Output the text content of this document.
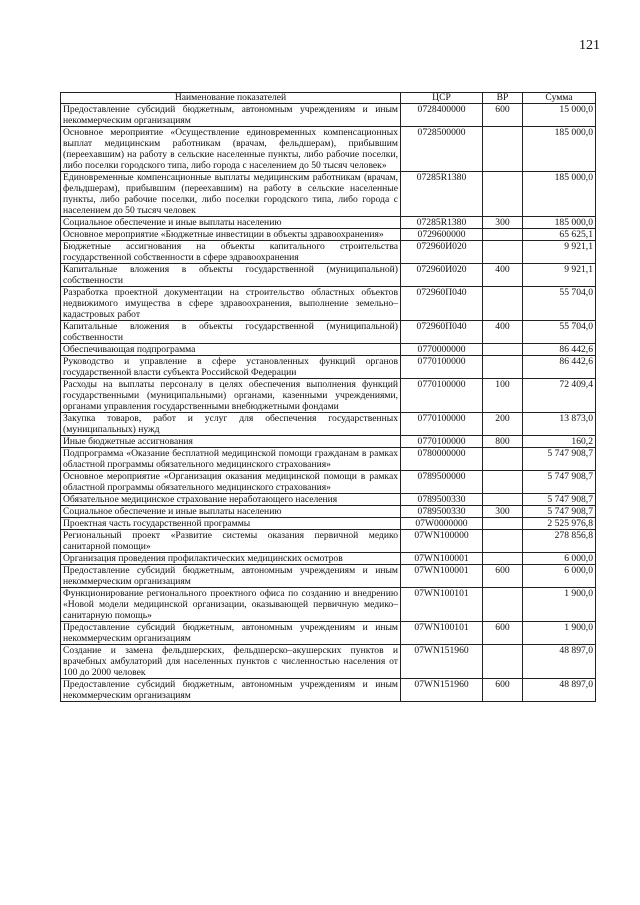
121
Наименование показателей	ЦСР	ВР	Сумма
Предоставление субсидий бюджетным, автономным учреждениям и иным некоммерческим организациям	0728400000	600	15 000,0
Основное мероприятие «Осуществление единовременных компенсационных выплат медицинским работникам (врачам, фельдшерам), прибывшим (переехавшим) на работу в сельские населенные пункты, либо рабочие поселки, либо поселки городского типа, либо города с населением до 50 тысяч человек»	0728500000		185 000,0
Единовременные компенсационные выплаты медицинским работникам (врачам, фельдшерам), прибывшим (переехавшим) на работу в сельские населенные пункты, либо рабочие поселки, либо поселки городского типа, либо города с населением до 50 тысяч человек	07285R1380		185 000,0
Социальное обеспечение и иные выплаты населению	07285R1380	300	185 000,0
Основное мероприятие «Бюджетные инвестиции в объекты здравоохранения»	0729600000		65 625,1
Бюджетные ассигнования на объекты капитального строительства государственной собственности в сфере здравоохранения	072960И020		9 921,1
Капитальные вложения в объекты государственной (муниципальной) собственности	072960И020	400	9 921,1
Разработка проектной документации на строительство областных объектов недвижимого имущества в сфере здравоохранения, выполнение земельно–кадастровых работ	072960П040		55 704,0
Капитальные вложения в объекты государственной (муниципальной) собственности	072960П040	400	55 704,0
Обеспечивающая подпрограмма	0770000000		86 442,6
Руководство и управление в сфере установленных функций органов государственной власти субъекта Российской Федерации	0770100000		86 442,6
Расходы на выплаты персоналу в целях обеспечения выполнения функций государственными (муниципальными) органами, казенными учреждениями, органами управления государственными внебюджетными фондами	0770100000	100	72 409,4
Закупка товаров, работ и услуг для обеспечения государственных (муниципальных) нужд	0770100000	200	13 873,0
Иные бюджетные ассигнования	0770100000	800	160,2
Подпрограмма «Оказание бесплатной медицинской помощи гражданам в рамках областной программы обязательного медицинского страхования»	0780000000		5 747 908,7
Основное мероприятие «Организация оказания медицинской помощи в рамках областной программы обязательного медицинского страхования»	0789500000		5 747 908,7
Обязательное медицинское страхование неработающего населения	0789500330		5 747 908,7
Социальное обеспечение и иные выплаты населению	0789500330	300	5 747 908,7
Проектная часть государственной программы	07W0000000		2 525 976,8
Региональный проект «Развитие системы оказания первичной медико санитарной помощи»	07WN100000		278 856,8
Организация проведения профилактических медицинских осмотров	07WN100001		6 000,0
Предоставление субсидий бюджетным, автономным учреждениям и иным некоммерческим организациям	07WN100001	600	6 000,0
Функционирование регионального проектного офиса по созданию и внедрению «Новой модели медицинской организации, оказывающей первичную медико–санитарную помощь»	07WN100101		1 900,0
Предоставление субсидий бюджетным, автономным учреждениям и иным некоммерческим организациям	07WN100101	600	1 900,0
Создание и замена фельдшерских, фельдшерско–акушерских пунктов и врачебных амбулаторий для населенных пунктов с численностью населения от 100 до 2000 человек	07WN151960		48 897,0
Предоставление субсидий бюджетным, автономным учреждениям и иным некоммерческим организациям	07WN151960	600	48 897,0
